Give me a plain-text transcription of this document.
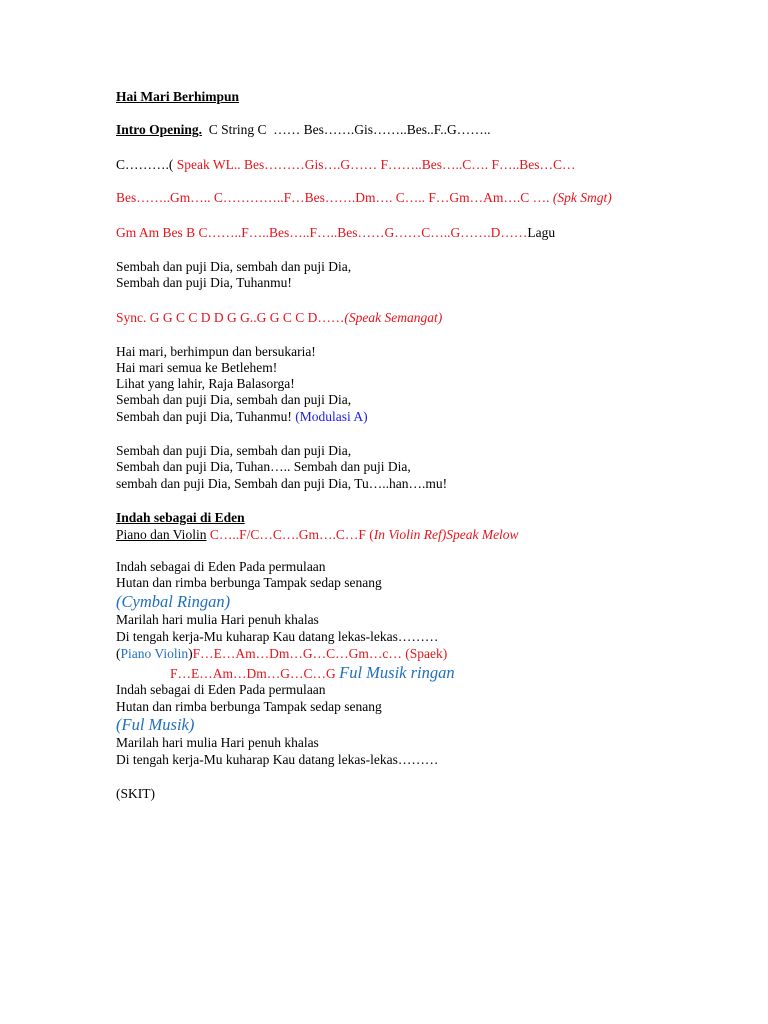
Hai Mari Berhimpun
Intro Opening.  C String C  …… Bes…….Gis……..Bes..F..G……..
C……….( Speak WL.. Bes………Gis….G…… F……..Bes…..C…. F…..Bes…C…
Bes……..Gm….. C…………..F…Bes…….Dm…. C….. F…Gm…Am….C …. (Spk Smgt)
Gm Am Bes B C……..F…..Bes…..F…..Bes……G……C…..G…….D……Lagu
Sembah dan puji Dia, sembah dan puji Dia,
Sembah dan puji Dia, Tuhanmu!
Sync. G G C C D D G G..G G C C D……(Speak Semangat)
Hai mari, berhimpun dan bersukaria!
Hai mari semua ke Betlehem!
Lihat yang lahir, Raja Balasorga!
Sembah dan puji Dia, sembah dan puji Dia,
Sembah dan puji Dia, Tuhanmu! (Modulasi A)
Sembah dan puji Dia, sembah dan puji Dia,
Sembah dan puji Dia, Tuhan….. Sembah dan puji Dia,
sembah dan puji Dia, Sembah dan puji Dia, Tu…..han….mu!
Indah sebagai di Eden
Piano dan Violin C…..F/C…C….Gm….C…F (In Violin Ref)Speak Melow
Indah sebagai di Eden Pada permulaan
Hutan dan rimba berbunga Tampak sedap senang
(Cymbal Ringan)
Marilah hari mulia Hari penuh khalas
Di tengah kerja-Mu kuharap Kau datang lekas-lekas………
(Piano Violin)F…E…Am…Dm…G…C…Gm…c… (Spaek)
F…E…Am…Dm…G…C…G Ful Musik ringan
Indah sebagai di Eden Pada permulaan
Hutan dan rimba berbunga Tampak sedap senang
(Ful Musik)
Marilah hari mulia Hari penuh khalas
Di tengah kerja-Mu kuharap Kau datang lekas-lekas………
(SKIT)
